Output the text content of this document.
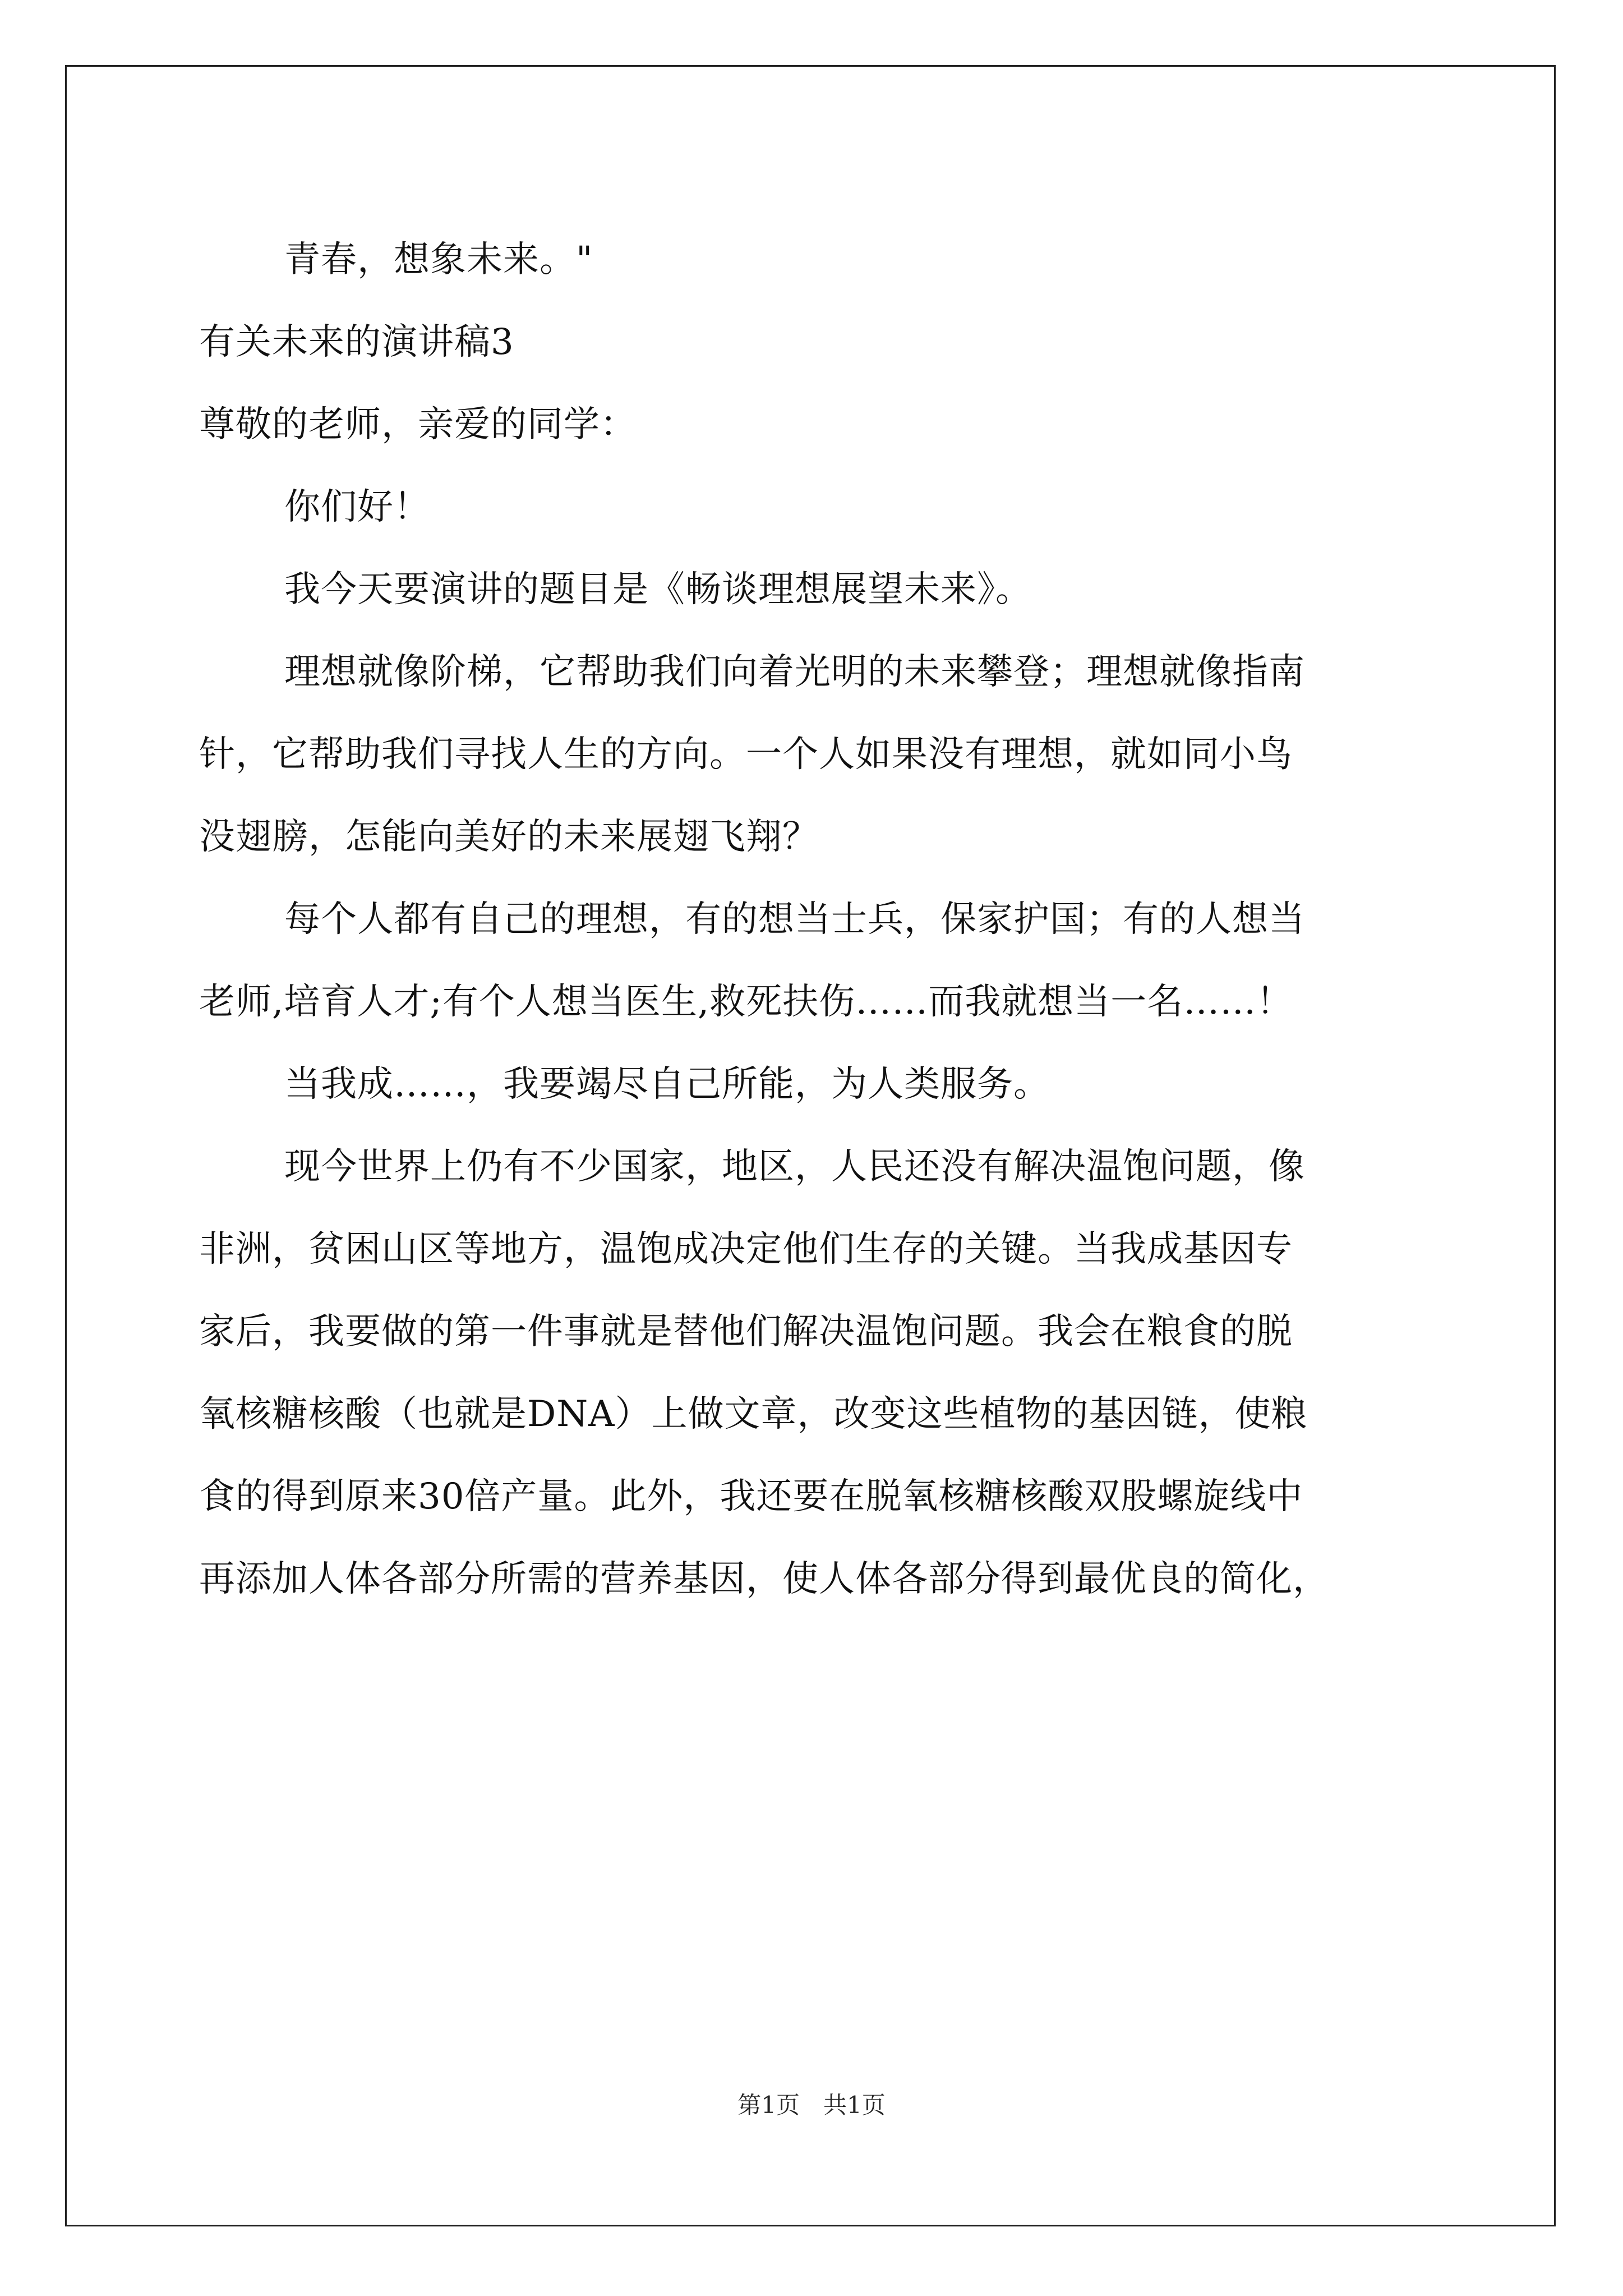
青春，想象未来。"
有关未来的演讲稿3
尊敬的老师，亲爱的同学：
你们好！
我今天要演讲的题目是《畅谈理想展望未来》。
理想就像阶梯，它帮助我们向着光明的未来攀登；理想就像指南
针，它帮助我们寻找人生的方向。一个人如果没有理想，就如同小鸟
没翅膀，怎能向美好的未来展翅飞翔？
每个人都有自己的理想，有的想当士兵，保家护国；有的人想当
老师,培育人才;有个人想当医生,救死扶伤……而我就想当一名……！
当我成……，我要竭尽自己所能，为人类服务。
现今世界上仍有不少国家，地区，人民还没有解决温饱问题，像
非洲，贫困山区等地方，温饱成决定他们生存的关键。当我成基因专
家后，我要做的第一件事就是替他们解决温饱问题。我会在粮食的脱
氧核糖核酸（也就是DNA）上做文章，改变这些植物的基因链，使粮
食的得到原来30倍产量。此外，我还要在脱氧核糖核酸双股螺旋线中
再添加人体各部分所需的营养基因，使人体各部分得到最优良的简化，
第1页　共1页
